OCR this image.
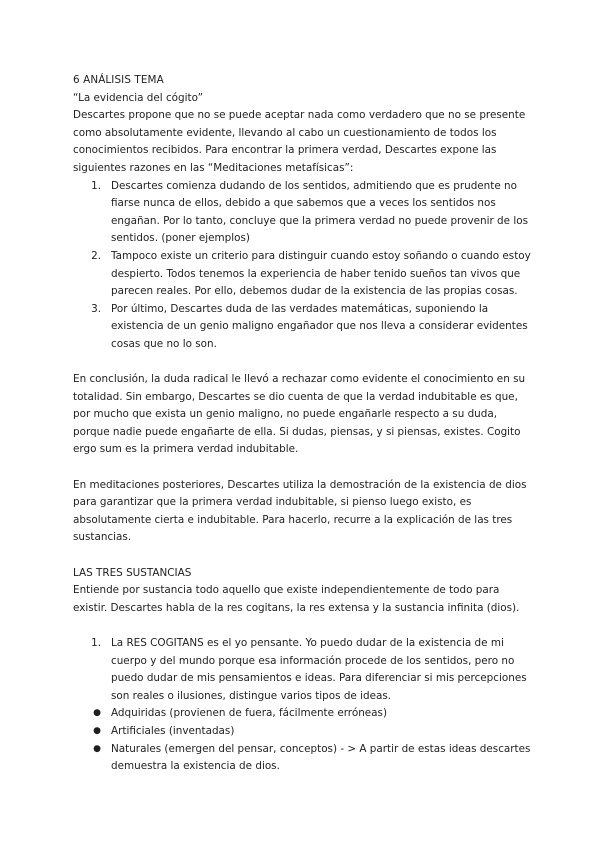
6 ANÁLISIS TEMA

“La evidencia del cógito”

Descartes propone que no se puede aceptar nada como verdadero que no se presente como absolutamente evidente, llevando al cabo un cuestionamiento de todos los conocimientos recibidos. Para encontrar la primera verdad, Descartes expone las siguientes razones en las “Meditaciones metafísicas”:

1. Descartes comienza dudando de los sentidos, admitiendo que es prudente no fiarse nunca de ellos, debido a que sabemos que a veces los sentidos nos engañan. Por lo tanto, concluye que la primera verdad no puede provenir de los sentidos. (poner ejemplos)
2. Tampoco existe un criterio para distinguir cuando estoy soñando o cuando estoy despierto. Todos tenemos la experiencia de haber tenido sueños tan vivos que parecen reales. Por ello, debemos dudar de la existencia de las propias cosas.
3. Por último, Descartes duda de las verdades matemáticas, suponiendo la existencia de un genio maligno engañador que nos lleva a considerar evidentes cosas que no lo son.

En conclusión, la duda radical le llevó a rechazar como evidente el conocimiento en su totalidad. Sin embargo, Descartes se dio cuenta de que la verdad indubitable es que, por mucho que exista un genio maligno, no puede engañarle respecto a su duda, porque nadie puede engañarte de ella. Si dudas, piensas, y si piensas, existes. Cogito ergo sum es la primera verdad indubitable.

En meditaciones posteriores, Descartes utiliza la demostración de la existencia de dios para garantizar que la primera verdad indubitable, si pienso luego existo, es absolutamente cierta e indubitable. Para hacerlo, recurre a la explicación de las tres sustancias.

LAS TRES SUSTANCIAS

Entiende por sustancia todo aquello que existe independientemente de todo para existir. Descartes habla de la res cogitans, la res extensa y la sustancia infinita (dios).

1. La RES COGITANS es el yo pensante. Yo puedo dudar de la existencia de mi cuerpo y del mundo porque esa información procede de los sentidos, pero no puedo dudar de mis pensamientos e ideas. Para diferenciar si mis percepciones son reales o ilusiones, distingue varios tipos de ideas.
● Adquiridas (provienen de fuera, fácilmente erróneas)
● Artificiales (inventadas)
● Naturales (emergen del pensar, conceptos) - > A partir de estas ideas descartes demuestra la existencia de dios.
